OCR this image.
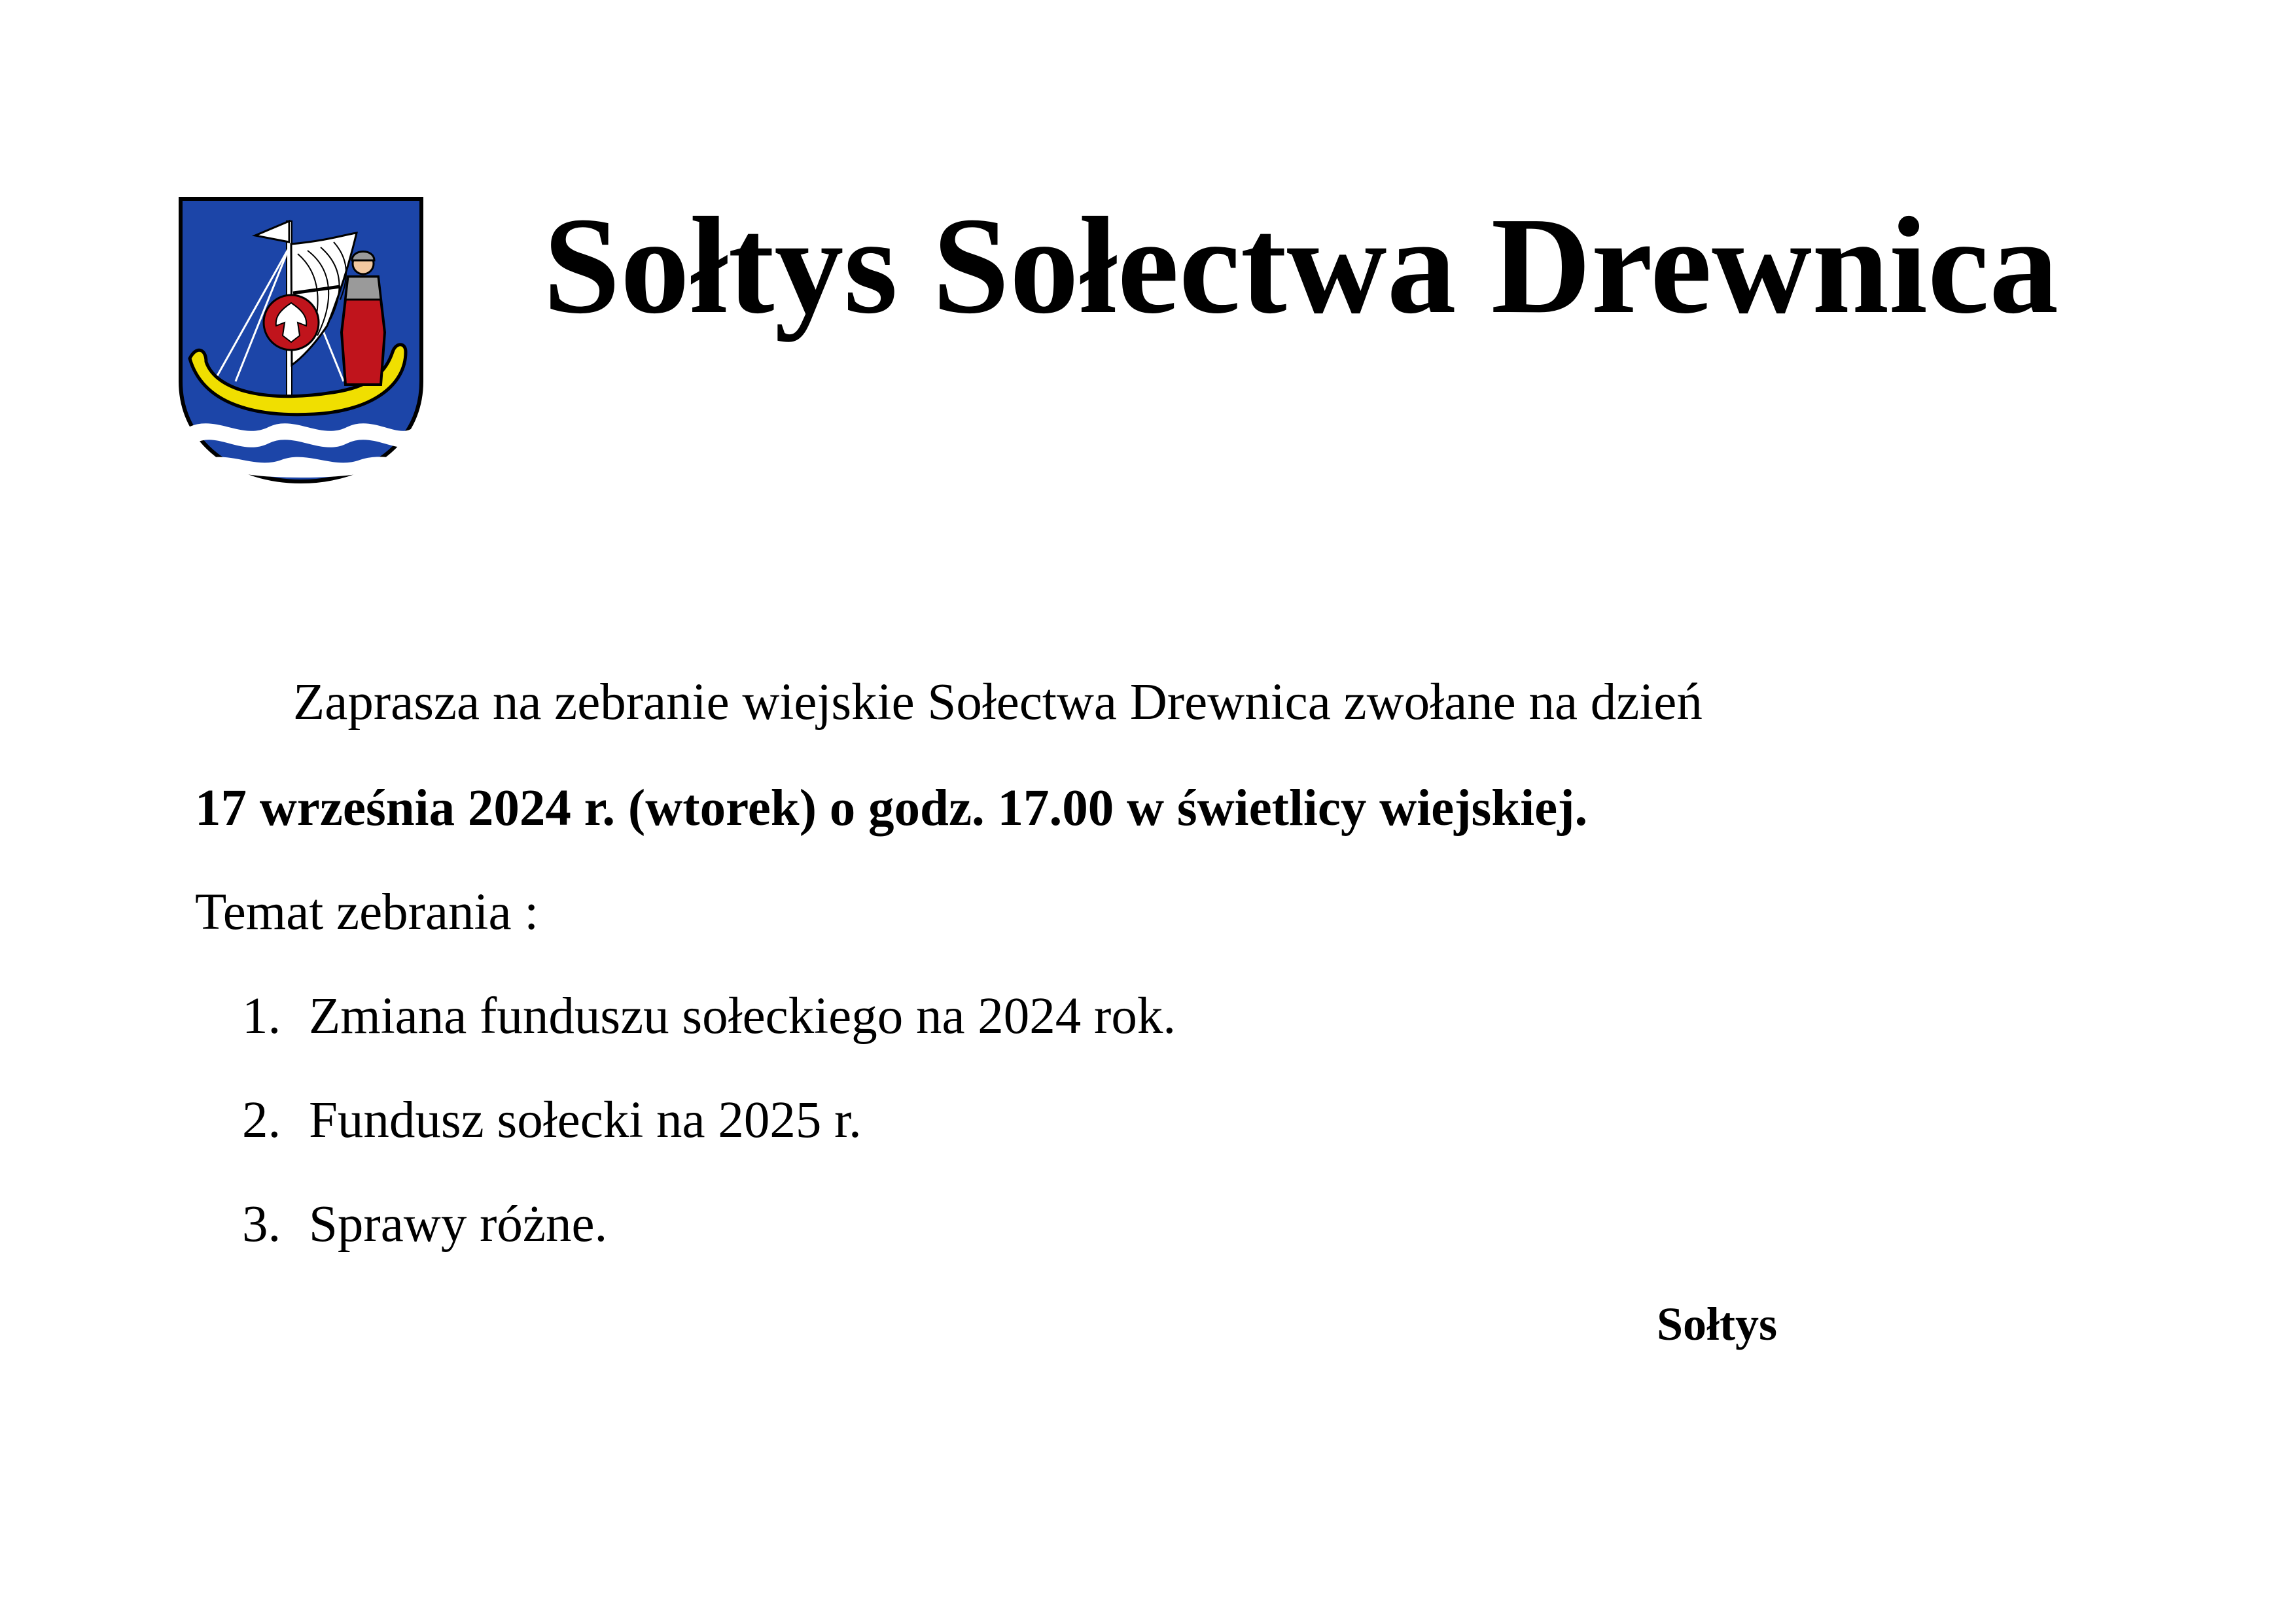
Sołtys Sołectwa Drewnica

Zaprasza na zebranie wiejskie Sołectwa Drewnica zwołane na dzień

17 września 2024 r. (wtorek) o godz. 17.00 w świetlicy wiejskiej.

Temat zebrania :

1. Zmiana funduszu sołeckiego na 2024 rok.
2. Fundusz sołecki na 2025 r.
3. Sprawy różne.

Sołtys
